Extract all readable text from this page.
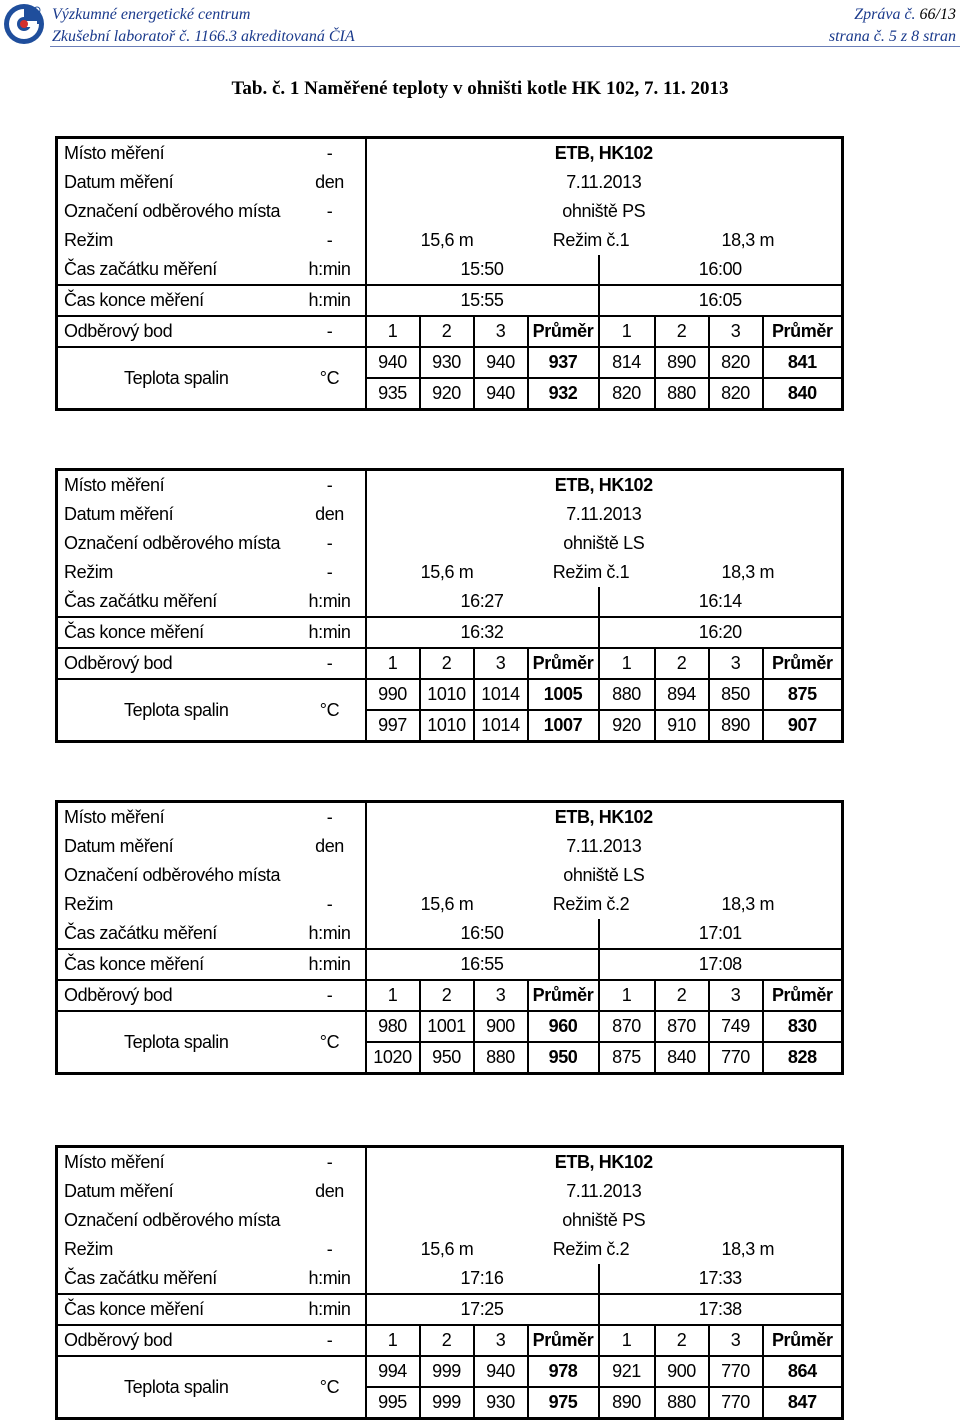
Výzkumné energetické centrum
Zkušební laboratoř č. 1166.3 akreditovaná ČIA
Zpráva č. 66/13
strana č. 5 z 8 stran
Tab. č. 1 Naměřené teploty v ohništi kotle HK 102, 7. 11. 2013
Místo měření	-	ETB, HK102							
Datum měření	den	7.11.2013							
Označení odběrového místa	-	ohniště PS							
Režim	-	15,6 m			Režim č.1		18,3 m		
Čas začátku měření	h:min	15:50				16:00			
Čas konce měření	h:min	15:55				16:05			
Odběrový bod	-	1	2	3	Průměr	1	2	3	Průměr
Teplota spalin	°C	940	930	940	937	814	890	820	841
		935	920	940	932	820	880	820	840
Místo měření	-	ETB, HK102							
Datum měření	den	7.11.2013							
Označení odběrového místa	-	ohniště LS							
Režim	-	15,6 m			Režim č.1		18,3 m		
Čas začátku měření	h:min	16:27				16:14			
Čas konce měření	h:min	16:32				16:20			
Odběrový bod	-	1	2	3	Průměr	1	2	3	Průměr
Teplota spalin	°C	990	1010	1014	1005	880	894	850	875
		997	1010	1014	1007	920	910	890	907
Místo měření	-	ETB, HK102							
Datum měření	den	7.11.2013							
Označení odběrového místa		ohniště LS							
Režim	-	15,6 m			Režim č.2		18,3 m		
Čas začátku měření	h:min	16:50				17:01			
Čas konce měření	h:min	16:55				17:08			
Odběrový bod	-	1	2	3	Průměr	1	2	3	Průměr
Teplota spalin	°C	980	1001	900	960	870	870	749	830
		1020	950	880	950	875	840	770	828
Místo měření	-	ETB, HK102							
Datum měření	den	7.11.2013							
Označení odběrového místa		ohniště PS							
Režim	-	15,6 m			Režim č.2		18,3 m		
Čas začátku měření	h:min	17:16				17:33			
Čas konce měření	h:min	17:25				17:38			
Odběrový bod	-	1	2	3	Průměr	1	2	3	Průměr
Teplota spalin	°C	994	999	940	978	921	900	770	864
		995	999	930	975	890	880	770	847
